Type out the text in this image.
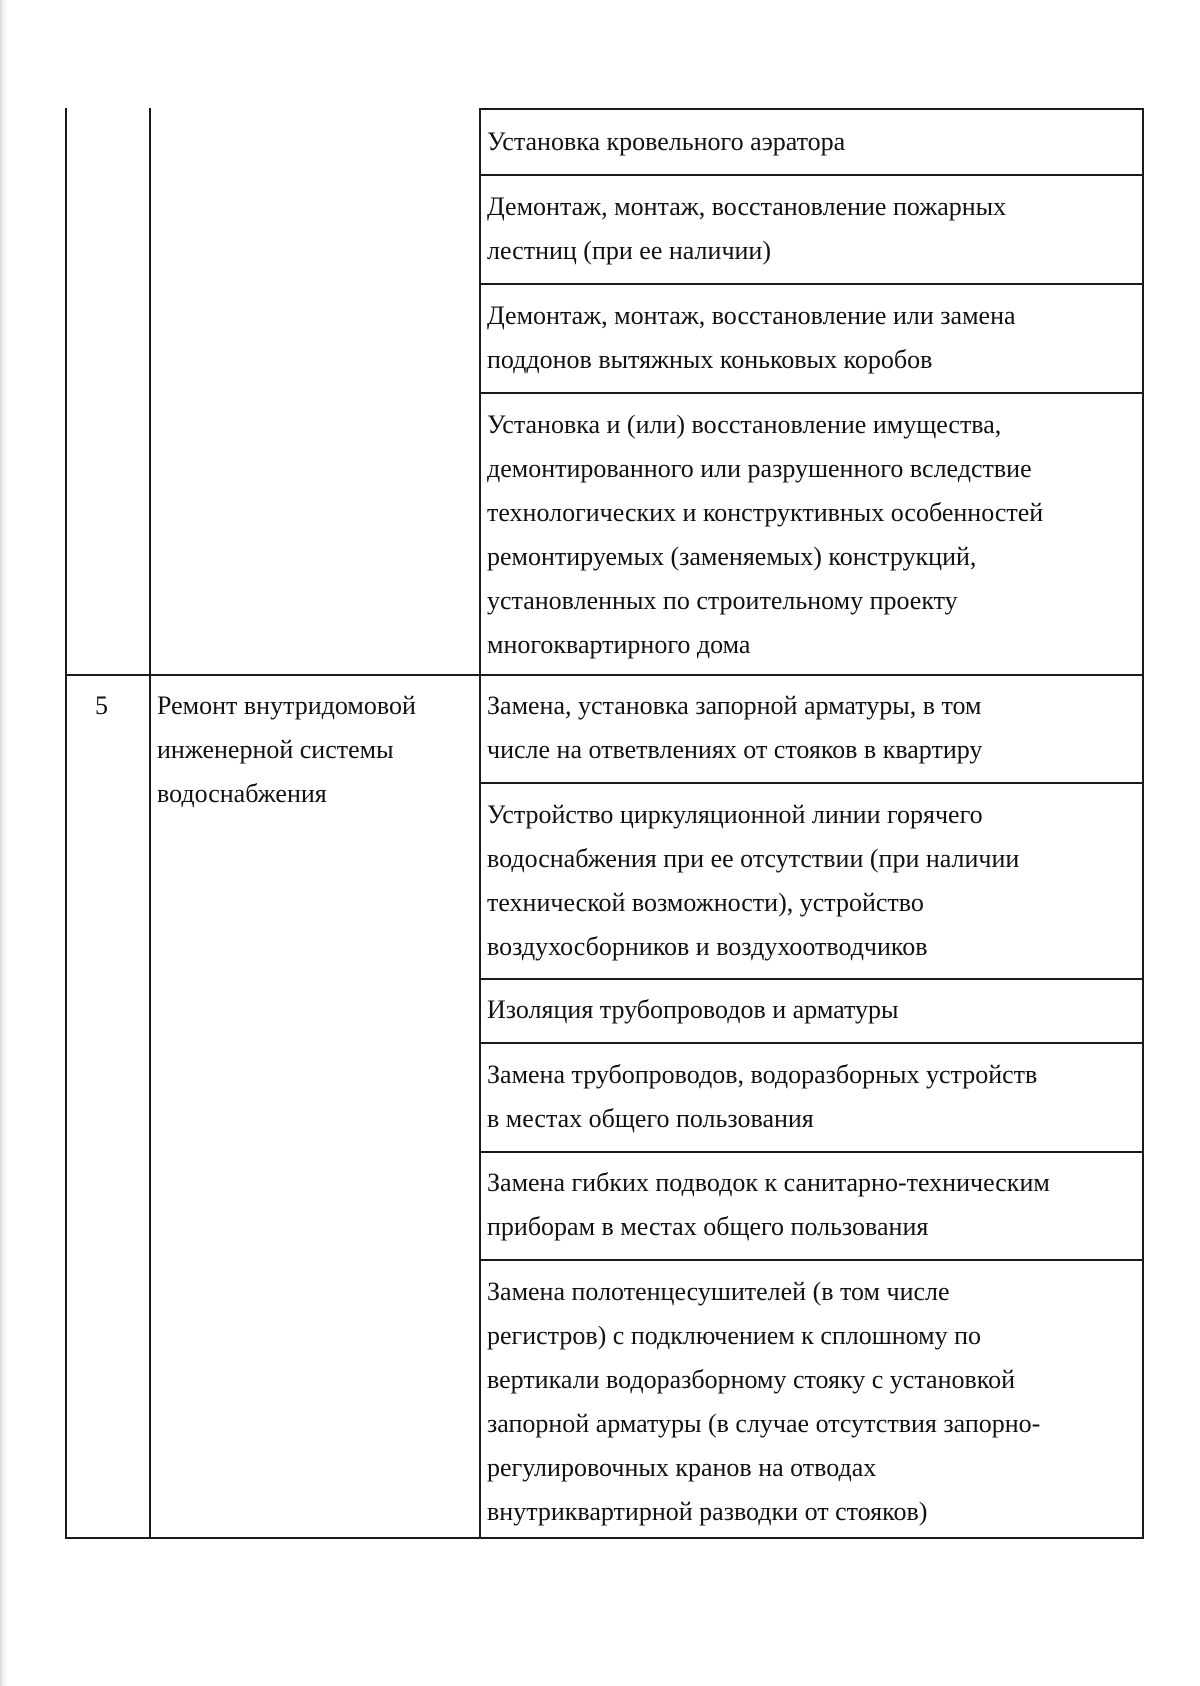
5 Ремонт внутридомовой
инженерной системы
водоснабжения

Установка кровельного аэратора

Демонтаж, монтаж, восстановление пожарных

лестниц (при ее наличии)

Демонтаж, монтаж, восстановление или замена

поддонов вытяжных коньковых коробов

Установка и (или) восстановление имущества,

демонтированного или разрушенного вследствие

технологических и конструктивных особенностей

ремонтируемых (заменяемых) конструкций,

установленных по строительному проекту

многоквартирного дома

Замена, установка запорной арматуры, в том

числе на ответвлениях от стояков в квартиру

Устройство циркуляционной линии горячего

водоснабжения при ее отсутствии (при наличии

технической возможности), устройство

воздухосборников и воздухоотводчиков

Изоляция трубопроводов и арматуры

Замена трубопроводов, водоразборных устройств

в местах общего пользования

Замена гибких подводок к санитарно-техническим

приборам в местах общего пользования

Замена полотенцесушителей (в том числе

регистров) с подключением к сплошному по

вертикали водоразборному стояку с установкой

запорной арматуры (в случае отсутствия запорно-

регулировочных кранов на отводах

внутриквартирной разводки от стояков)
